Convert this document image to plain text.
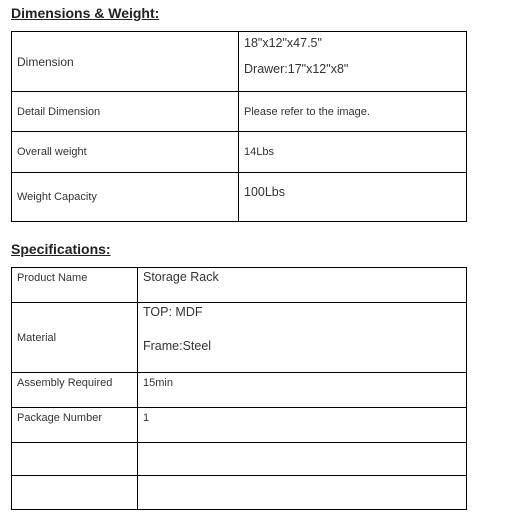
Dimensions & Weight:
Dimension	18"x12"x47.5"
Drawer:17"x12"x8"

Detail Dimension	Please refer to the image.
Overall weight	14Lbs
Weight Capacity	100Lbs
Specifications:
Product Name	Storage Rack
Material	TOP: MDF
Frame:Steel

Assembly Required	15min
Package Number	1
